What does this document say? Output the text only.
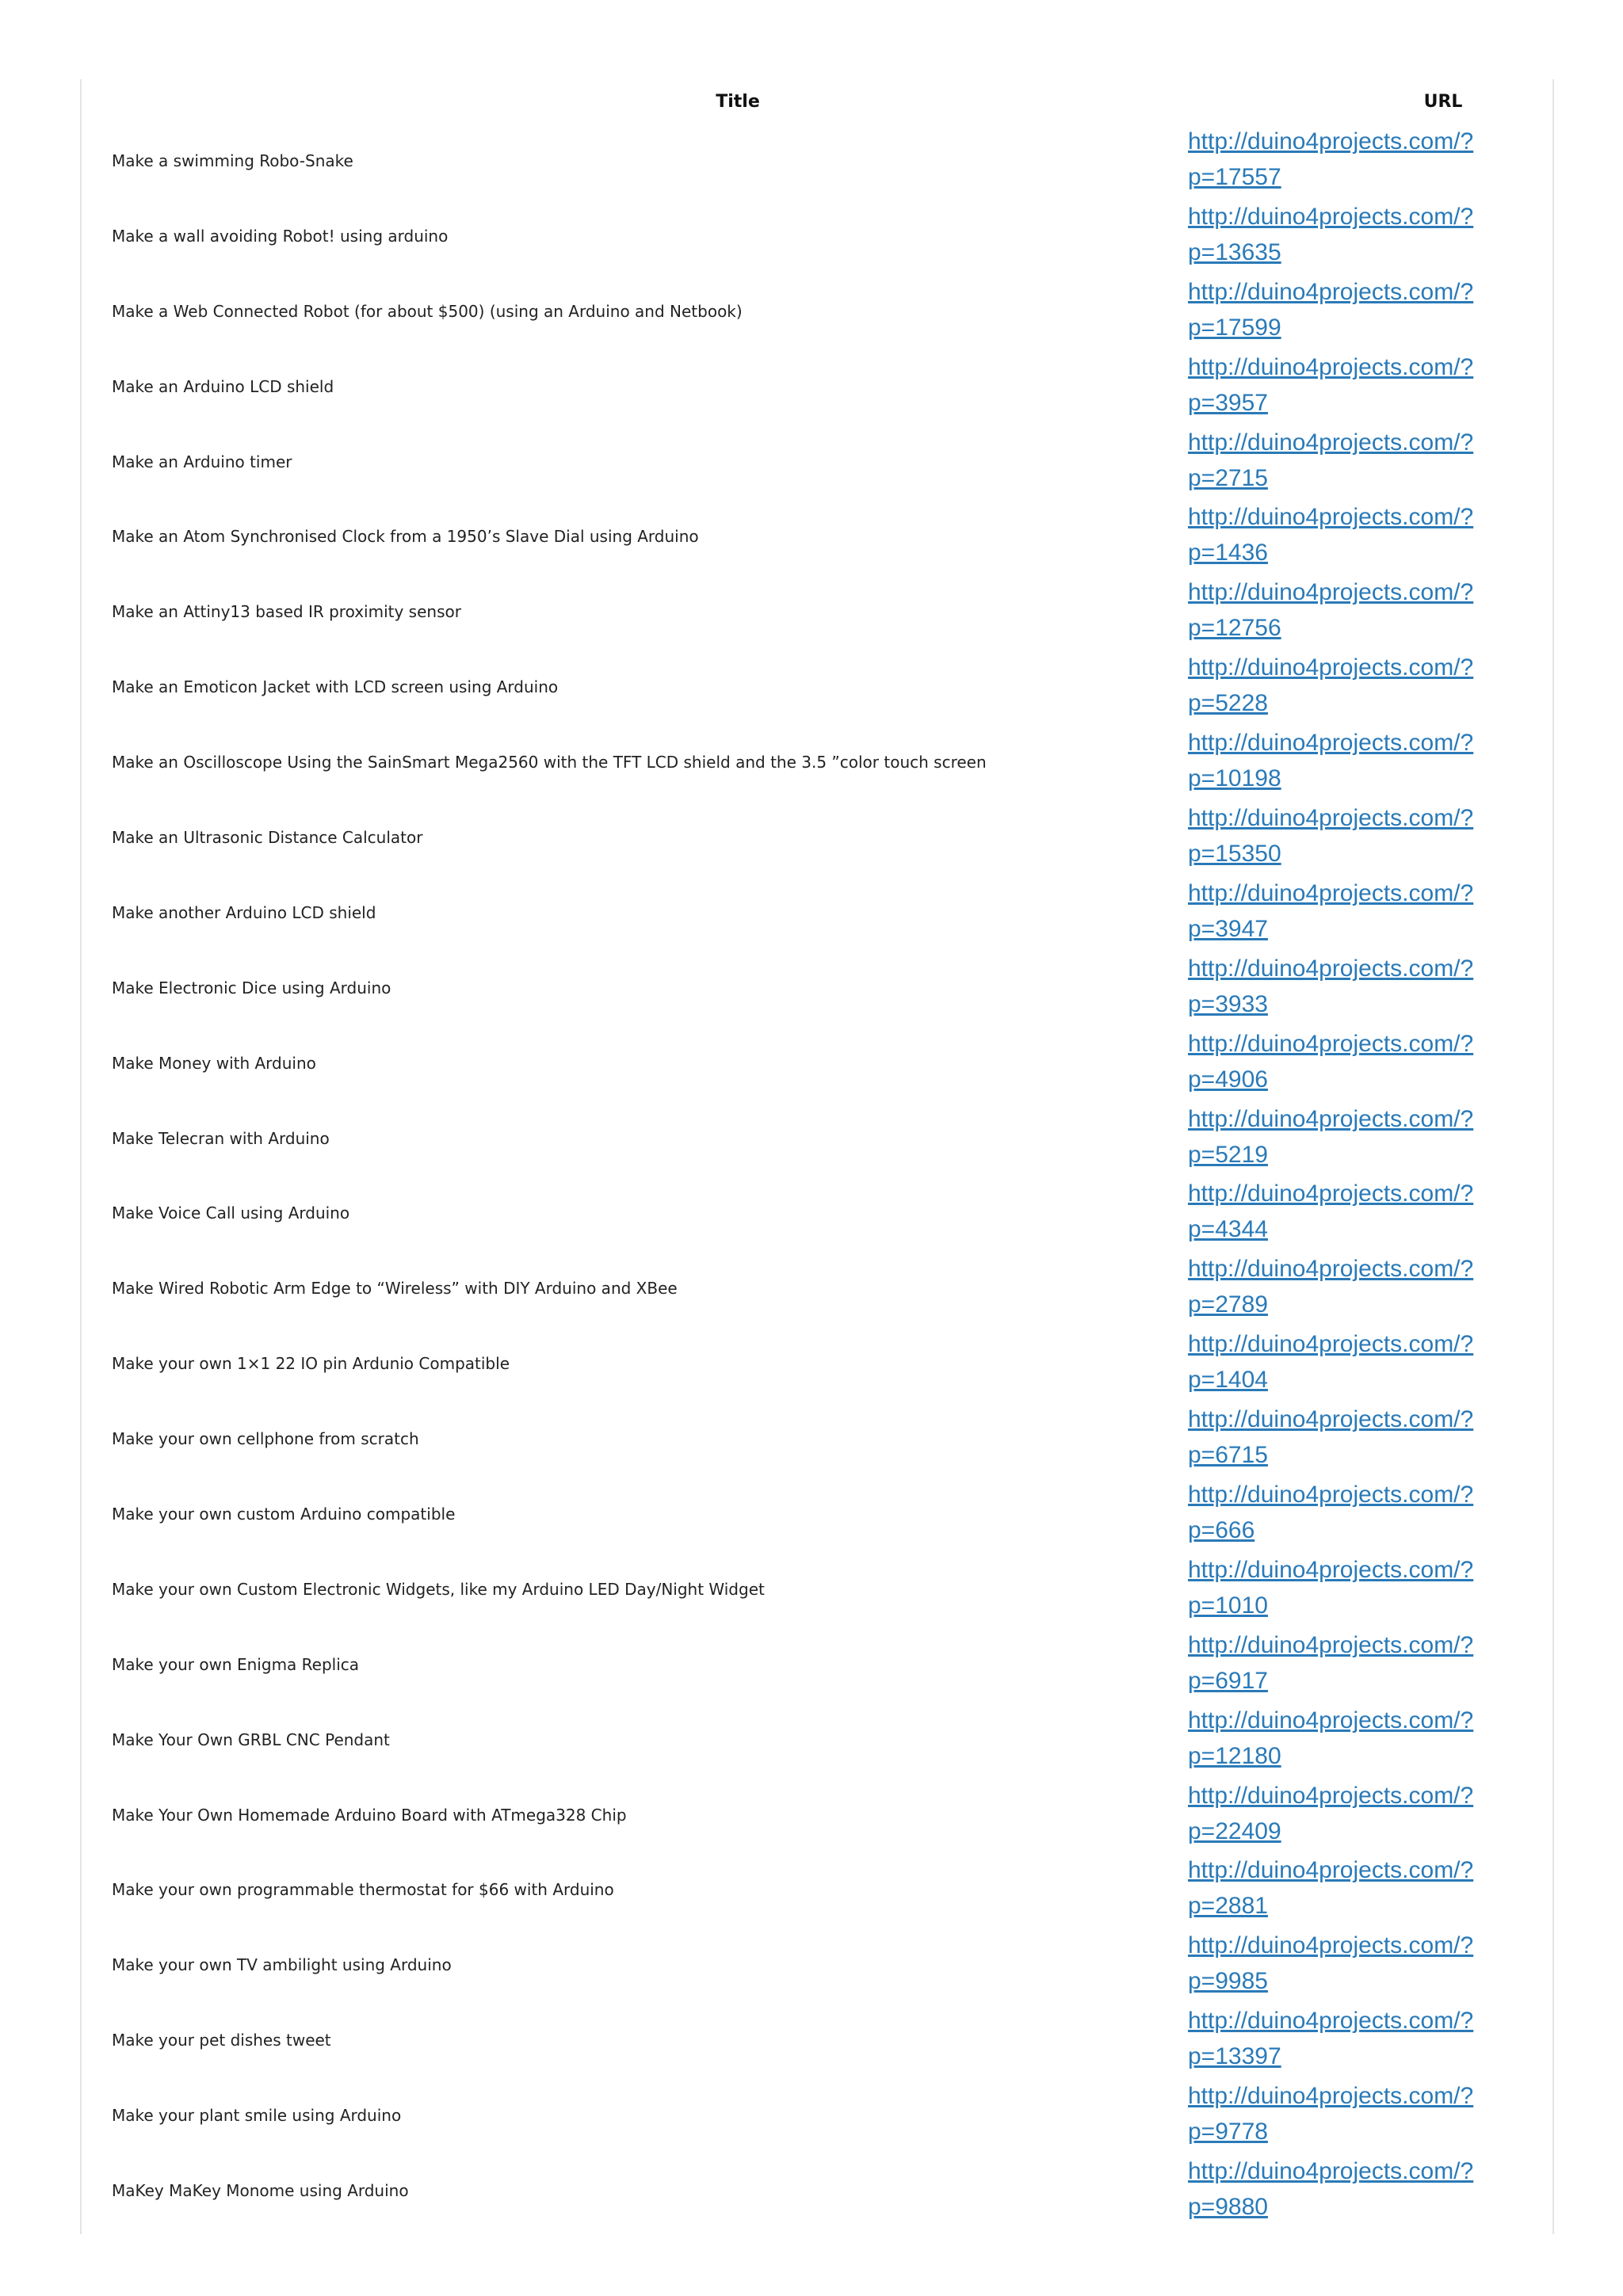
Title	URL
Make a swimming Robo-Snake
http://duino4projects.com/?
p=17557
Make a wall avoiding Robot! using arduino
http://duino4projects.com/?
p=13635
Make a Web Connected Robot (for about $500) (using an Arduino and Netbook)
http://duino4projects.com/?
p=17599
Make an Arduino LCD shield
http://duino4projects.com/?
p=3957
Make an Arduino timer
http://duino4projects.com/?
p=2715
Make an Atom Synchronised Clock from a 1950’s Slave Dial using Arduino
http://duino4projects.com/?
p=1436
Make an Attiny13 based IR proximity sensor
http://duino4projects.com/?
p=12756
Make an Emoticon Jacket with LCD screen using Arduino
http://duino4projects.com/?
p=5228
Make an Oscilloscope Using the SainSmart Mega2560 with the TFT LCD shield and the 3.5 ”color touch screen
http://duino4projects.com/?
p=10198
Make an Ultrasonic Distance Calculator
http://duino4projects.com/?
p=15350
Make another Arduino LCD shield
http://duino4projects.com/?
p=3947
Make Electronic Dice using Arduino
http://duino4projects.com/?
p=3933
Make Money with Arduino
http://duino4projects.com/?
p=4906
Make Telecran with Arduino
http://duino4projects.com/?
p=5219
Make Voice Call using Arduino
http://duino4projects.com/?
p=4344
Make Wired Robotic Arm Edge to “Wireless” with DIY Arduino and XBee
http://duino4projects.com/?
p=2789
Make your own 1×1 22 IO pin Ardunio Compatible
http://duino4projects.com/?
p=1404
Make your own cellphone from scratch
http://duino4projects.com/?
p=6715
Make your own custom Arduino compatible
http://duino4projects.com/?
p=666
Make your own Custom Electronic Widgets, like my Arduino LED Day/Night Widget
http://duino4projects.com/?
p=1010
Make your own Enigma Replica
http://duino4projects.com/?
p=6917
Make Your Own GRBL CNC Pendant
http://duino4projects.com/?
p=12180
Make Your Own Homemade Arduino Board with ATmega328 Chip
http://duino4projects.com/?
p=22409
Make your own programmable thermostat for $66 with Arduino
http://duino4projects.com/?
p=2881
Make your own TV ambilight using Arduino
http://duino4projects.com/?
p=9985
Make your pet dishes tweet
http://duino4projects.com/?
p=13397
Make your plant smile using Arduino
http://duino4projects.com/?
p=9778
MaKey MaKey Monome using Arduino
http://duino4projects.com/?
p=9880
